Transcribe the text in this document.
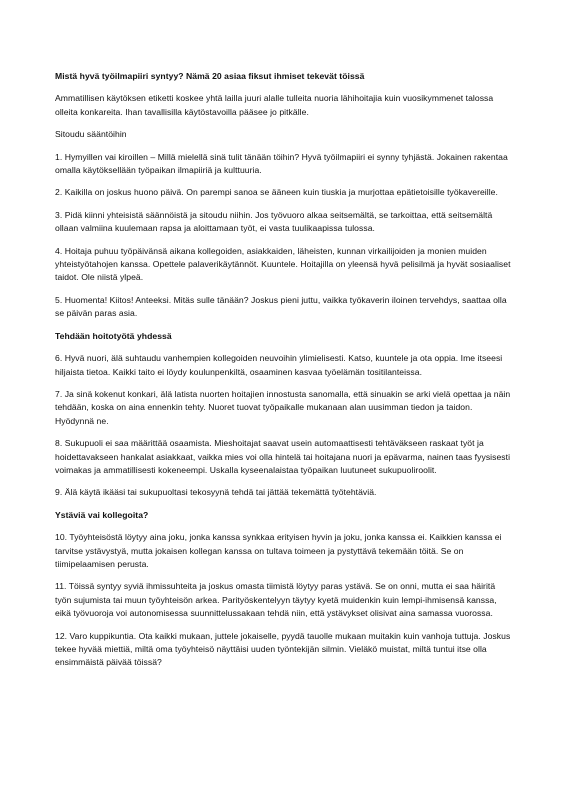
Mistä hyvä työilmapiiri syntyy? Nämä 20 asiaa fiksut ihmiset tekevät töissä

Ammatillisen käytöksen etiketti koskee yhtä lailla juuri alalle tulleita nuoria lähihoitajia kuin vuosikymmenet talossa olleita konkareita. Ihan tavallisilla käytöstavoilla pääsee jo pitkälle.

Sitoudu sääntöihin

1. Hymyillen vai kiroillen – Millä mielellä sinä tulit tänään töihin? Hyvä työilmapiiri ei synny tyhjästä. Jokainen rakentaa omalla käytöksellään työpaikan ilmapiiriä ja kulttuuria.

2. Kaikilla on joskus huono päivä. On parempi sanoa se ääneen kuin tiuskia ja murjottaa epätietoisille työkavereille.

3. Pidä kiinni yhteisistä säännöistä ja sitoudu niihin. Jos työvuoro alkaa seitsemältä, se tarkoittaa, että seitsemältä ollaan valmiina kuulemaan rapsa ja aloittamaan työt, ei vasta tuulikaapissa tulossa.

4. Hoitaja puhuu työpäivänsä aikana kollegoiden, asiakkaiden, läheisten, kunnan virkailijoiden ja monien muiden yhteistyötahojen kanssa. Opettele palaverikäytännöt. Kuuntele. Hoitajilla on yleensä hyvä pelisilmä ja hyvät sosiaaliset taidot. Ole niistä ylpeä.

5. Huomenta! Kiitos! Anteeksi. Mitäs sulle tänään? Joskus pieni juttu, vaikka työkaverin iloinen tervehdys, saattaa olla se päivän paras asia.

Tehdään hoitotyötä yhdessä

6. Hyvä nuori, älä suhtaudu vanhempien kollegoiden neuvoihin ylimielisesti. Katso, kuuntele ja ota oppia. Ime itseesi hiljaista tietoa. Kaikki taito ei löydy koulunpenkiltä, osaaminen kasvaa työelämän tositilanteissa.

7. Ja sinä kokenut konkari, älä latista nuorten hoitajien innostusta sanomalla, että sinuakin se arki vielä opettaa ja näin tehdään, koska on aina ennenkin tehty. Nuoret tuovat työpaikalle mukanaan alan uusimman tiedon ja taidon. Hyödynnä ne.

8. Sukupuoli ei saa määrittää osaamista. Mieshoitajat saavat usein automaattisesti tehtäväkseen raskaat työt ja hoidettavakseen hankalat asiakkaat, vaikka mies voi olla hintelä tai hoitajana nuori ja epävarma, nainen taas fyysisesti voimakas ja ammatillisesti kokeneempi. Uskalla kyseenalaistaa työpaikan luutuneet sukupuoliroolit.

9. Älä käytä ikääsi tai sukupuoltasi tekosyynä tehdä tai jättää tekemättä työtehtäviä.

Ystäviä vai kollegoita?

10. Työyhteisöstä löytyy aina joku, jonka kanssa synkkaa erityisen hyvin ja joku, jonka kanssa ei. Kaikkien kanssa ei tarvitse ystävystyä, mutta jokaisen kollegan kanssa on tultava toimeen ja pystyttävä tekemään töitä. Se on tiimipelaamisen perusta.

11. Töissä syntyy syviä ihmissuhteita ja joskus omasta tiimistä löytyy paras ystävä. Se on onni, mutta ei saa häiritä työn sujumista tai muun työyhteisön arkea. Parityöskentelyyn täytyy kyetä muidenkin kuin lempi-ihmisensä kanssa, eikä työvuoroja voi autonomisessa suunnittelussakaan tehdä niin, että ystävykset olisivat aina samassa vuorossa.

12. Varo kuppikuntia. Ota kaikki mukaan, juttele jokaiselle, pyydä tauolle mukaan muitakin kuin vanhoja tuttuja. Joskus tekee hyvää miettiä, miltä oma työyhteisö näyttäisi uuden työntekijän silmin. Vieläkö muistat, miltä tuntui itse olla ensimmäistä päivää töissä?
